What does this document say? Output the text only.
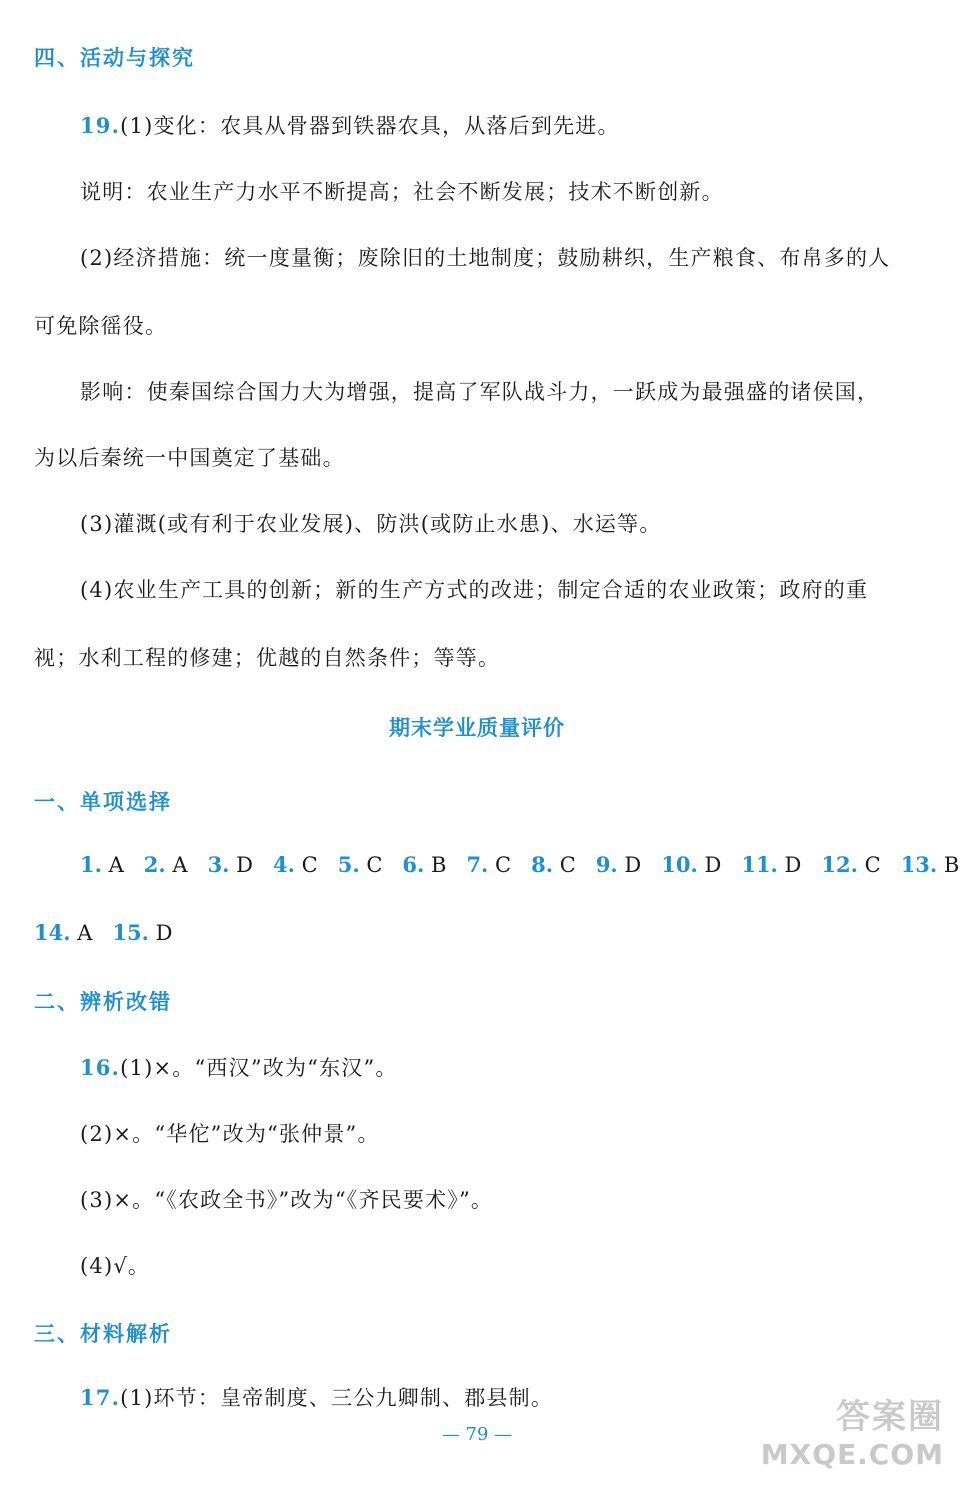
四、活动与探究
19.(1)变化：农具从骨器到铁器农具，从落后到先进。
说明：农业生产力水平不断提高；社会不断发展；技术不断创新。
(2)经济措施：统一度量衡；废除旧的土地制度；鼓励耕织，生产粮食、布帛多的人
可免除徭役。
影响：使秦国综合国力大为增强，提高了军队战斗力，一跃成为最强盛的诸侯国，
为以后秦统一中国奠定了基础。
(3)灌溉(或有利于农业发展)、防洪(或防止水患)、水运等。
(4)农业生产工具的创新；新的生产方式的改进；制定合适的农业政策；政府的重
视；水利工程的修建；优越的自然条件；等等。
期末学业质量评价
一、单项选择
1. A 2. A 3. D 4. C 5. C 6. B 7. C 8. C 9. D 10. D 11. D 12. C 13. B
14. A 15. D
二、辨析改错
16.(1)×。“西汉”改为“东汉”。
(2)×。“华佗”改为“张仲景”。
(3)×。“《农政全书》”改为“《齐民要术》”。
(4)√。
三、材料解析
17.(1)环节：皇帝制度、三公九卿制、郡县制。
— 79 —	答案圈
MXQE.COM
